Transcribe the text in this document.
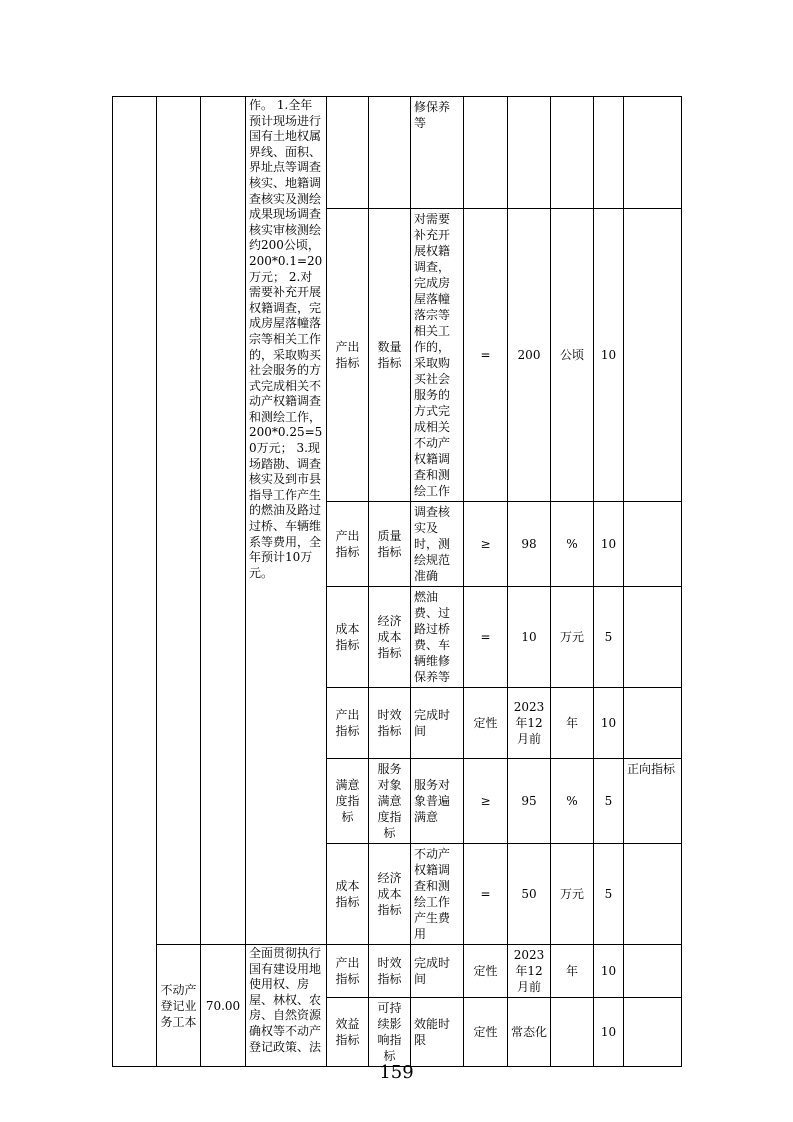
			作。 1.全年预计现场进行国有土地权属界线、面积、界址点等调查核实、地籍调查核实及测绘成果现场调查核实审核测绘约200公顷，200*0.1=20万元； 2.对需要补充开展权籍调查，完成房屋落幢落宗等相关工作的，采取购买社会服务的方式完成相关不动产权籍调查和测绘工作，200*0.25=50万元； 3.现场踏勘、调查核实及到市县指导工作产生的燃油及路过过桥、车辆维系等费用，全年预计10万元。			修保养等					
				产出指标	数量指标	对需要补充开展权籍调查，完成房屋落幢落宗等相关工作的，采取购买社会服务的方式完成相关不动产权籍调查和测绘工作	=	200	公顷	10	
				产出指标	质量指标	调查核实及时，测绘规范准确	≥	98	%	10	
				成本指标	经济成本指标	燃油费、过路过桥费、车辆维修保养等	=	10	万元	5	
				产出指标	时效指标	完成时间	定性	2023年12月前	年	10	
				满意度指标	服务对象满意度指标	服务对象普遍满意	≥	95	%	5	正向指标
				成本指标	经济成本指标	不动产权籍调查和测绘工作产生费用	=	50	万元	5	
	不动产登记业务工本	70.00	全面贯彻执行国有建设用地使用权、房屋、林权、农房、自然资源确权等不动产登记政策、法	产出指标	时效指标	完成时间	定性	2023年12月前	年	10	
				效益指标	可持续影响指标	效能时限	定性	常态化		10	
159
